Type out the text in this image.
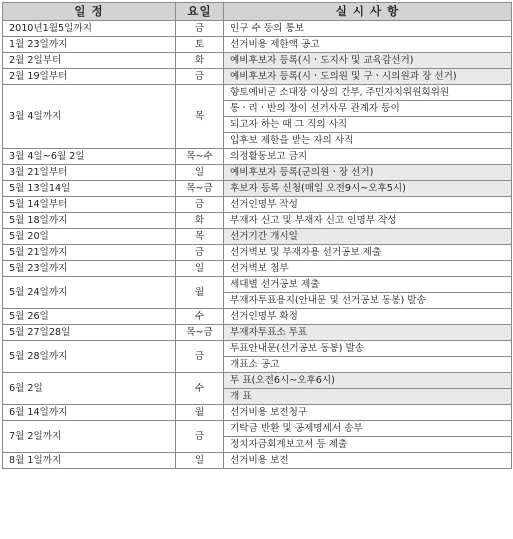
일 정	요일	실 시 사 항
2010년1월5일까지	금	인구 수 등의 통보
1월 23일까지	토	선거비용 제한액 공고
2월 2일부터	화	예비후보자 등록(시ㆍ도지사 및 교육감선거)
2월 19일부터	금	예비후보자 등록(시ㆍ도의원 및 구ㆍ시의원과 장 선거)
3월 4일까지	목	향토예비군 소대장 이상의 간부, 주민자치위원회위원
		통ㆍ리ㆍ반의 장이 선거사무 관계자 등이
		되고자 하는 때 그 직의 사직
		입후보 제한을 받는 자의 사직
3월 4일~6월 2일	목~수	의정활동보고 금지
3월 21일부터	일	예비후보자 등록(군의원ㆍ장 선거)
5월 13일14일	목~금	후보자 등록 신청(매일 오전9시~오후5시)
5월 14일부터	금	선거인명부 작성
5월 18일까지	화	부재자 신고 및 부재자 신고 인명부 작성
5월 20일	목	선거기간 개시일
5월 21일까지	금	선거벽보 및 부재자용 선거공보 제출
5월 23일까지	일	선거벽보 첩부
5월 24일까지	월	세대별 선거공보 제출
		부재자투표용지(안내문 및 선거공보 동봉) 발송
5월 26일	수	선거인명부 확정
5월 27일28일	목~금	부재자투표소 투표
5월 28일까지	금	투표안내문(선거공보 동봉) 발송
		개표소 공고
6월 2일	수	투 표(오전6시~오후6시)
		개 표
6월 14일까지	월	선거비용 보전청구
7월 2일까지	금	기탁금 반환 및 공제명세서 송부
		정치자금회계보고서 등 제출
8월 1일까지	일	선거비용 보전
